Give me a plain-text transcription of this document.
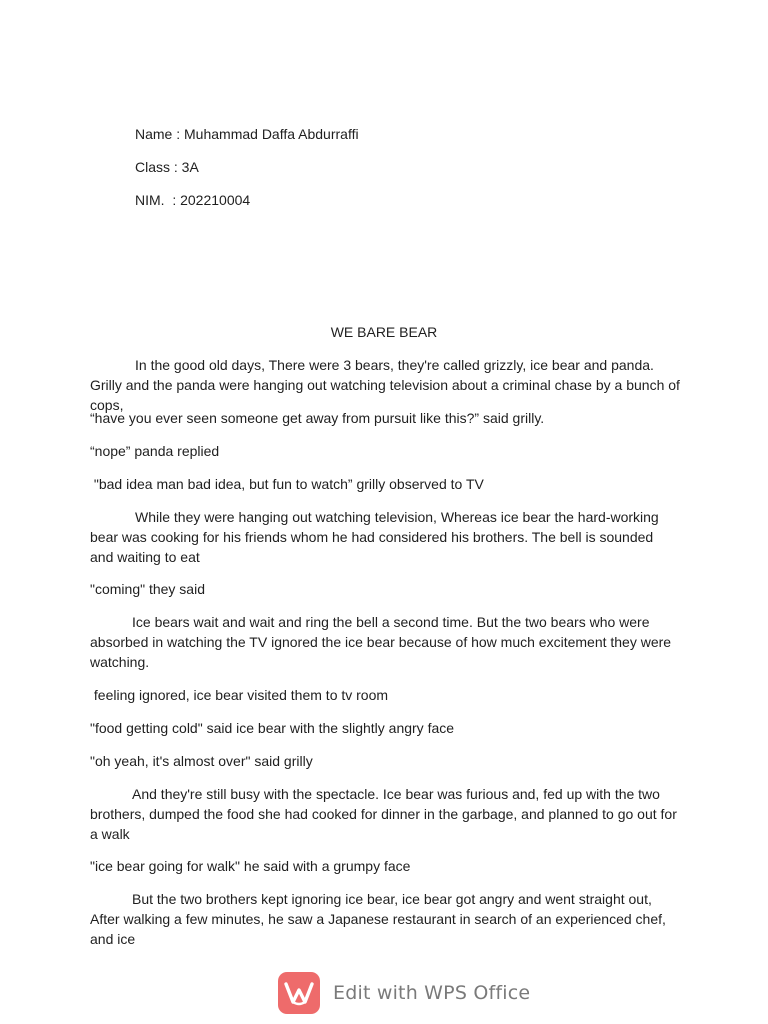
Name : Muhammad Daffa Abdurraffi
Class : 3A
NIM.  : 202210004
WE BARE BEAR

In the good old days, There were 3 bears, they're called grizzly, ice bear and panda. Grilly and the panda were hanging out watching television about a criminal chase by a bunch of cops,

“have you ever seen someone get away from pursuit like this?” said grilly.
“nope” panda replied
"bad idea man bad idea, but fun to watch” grilly observed to TV

While they were hanging out watching television, Whereas ice bear the hard-working bear was cooking for his friends whom he had considered his brothers. The bell is sounded and waiting to eat

"coming" they said

Ice bears wait and wait and ring the bell a second time. But the two bears who were absorbed in watching the TV ignored the ice bear because of how much excitement they were watching.

feeling ignored, ice bear visited them to tv room
"food getting cold" said ice bear with the slightly angry face
"oh yeah, it's almost over" said grilly

And they're still busy with the spectacle. Ice bear was furious and, fed up with the two brothers, dumped the food she had cooked for dinner in the garbage, and planned to go out for a walk

"ice bear going for walk" he said with a grumpy face

But the two brothers kept ignoring ice bear, ice bear got angry and went straight out, After walking a few minutes, he saw a Japanese restaurant in search of an experienced chef, and ice

Edit with WPS Office
